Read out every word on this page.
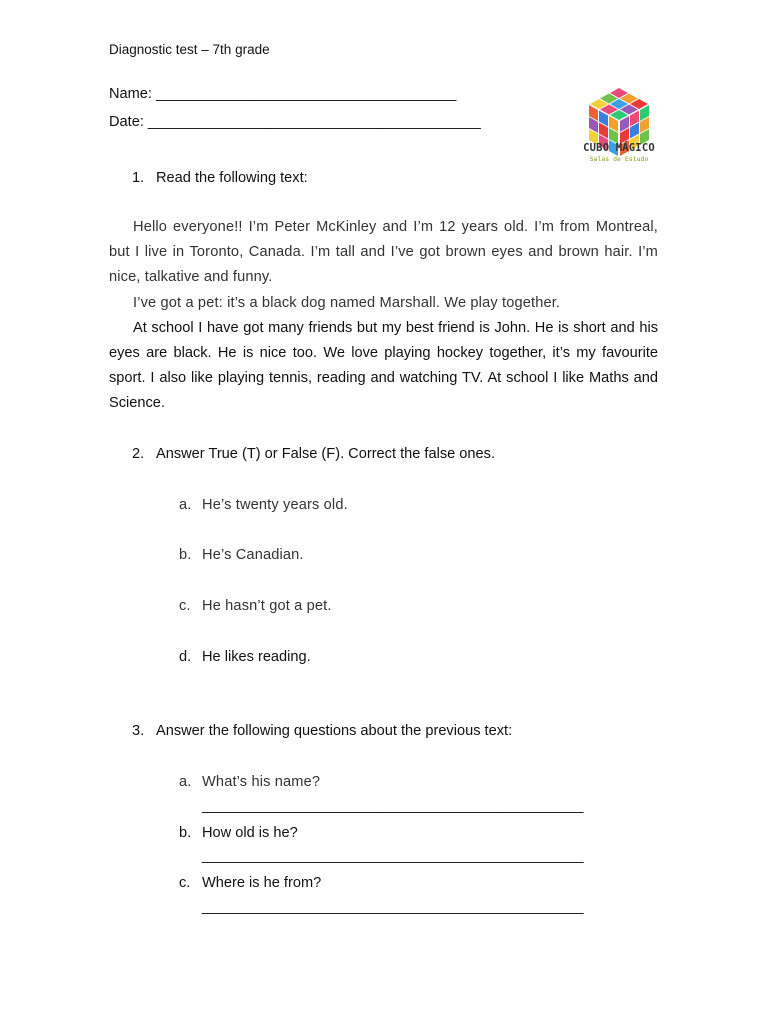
Diagnostic test – 7th grade
Name: _____________________________________
Date: _________________________________________
CUBO MÁGICO
Salas de Estudo
1. Read the following text:

Hello everyone!! I’m Peter McKinley and I’m 12 years old. I’m from Montreal, but I live in Toronto, Canada. I’m tall and I’ve got brown eyes and brown hair. I’m nice, talkative and funny.

I’ve got a pet: it’s a black dog named Marshall. We play together.

At school I have got many friends but my best friend is John. He is short and his eyes are black. He is nice too. We love playing hockey together, it’s my favourite sport. I also like playing tennis, reading and watching TV. At school I like Maths and Science.

2. Answer True (T) or False (F). Correct the false ones.
a. He’s twenty years old.
b. He’s Canadian.
c. He hasn’t got a pet.
d. He likes reading.
3. Answer the following questions about the previous text:
a. What’s his name?
_______________________________________________
b. How old is he?
_______________________________________________
c. Where is he from?
_______________________________________________
